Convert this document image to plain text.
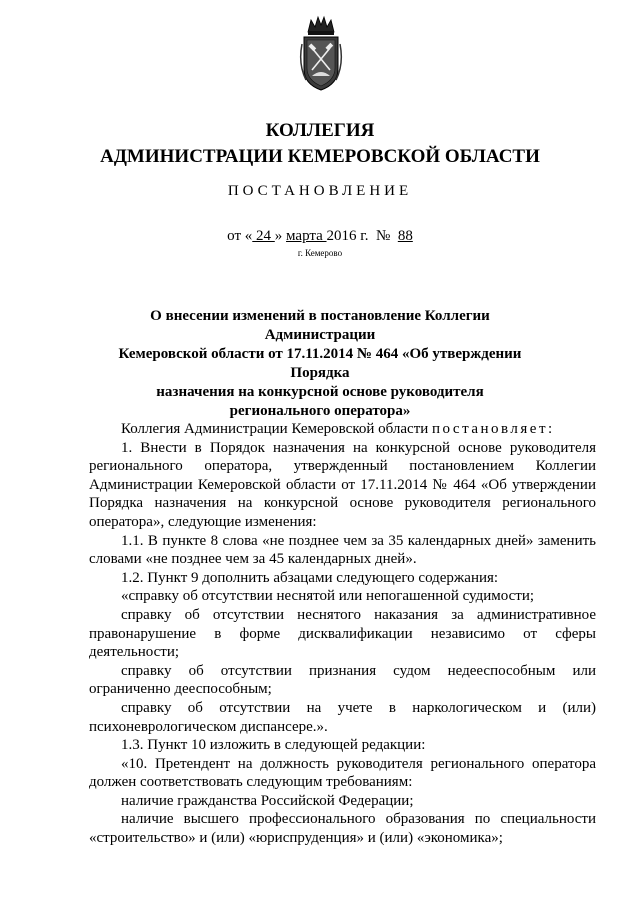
КОЛЛЕГИЯ
АДМИНИСТРАЦИИ КЕМЕРОВСКОЙ ОБЛАСТИ
ПОСТАНОВЛЕНИЕ
от « 24 » марта 2016 г. № 88
г. Кемерово
О внесении изменений в постановление Коллегии Администрации
Кемеровской области от 17.11.2014 № 464 «Об утверждении Порядка
назначения на конкурсной основе руководителя
регионального оператора»

Коллегия Администрации Кемеровской области постановляет:

1. Внести в Порядок назначения на конкурсной основе руководителя регионального оператора, утвержденный постановлением Коллегии Администрации Кемеровской области от 17.11.2014 № 464 «Об утверждении Порядка назначения на конкурсной основе руководителя регионального оператора», следующие изменения:

1.1. В пункте 8 слова «не позднее чем за 35 календарных дней» заменить словами «не позднее чем за 45 календарных дней».

1.2. Пункт 9 дополнить абзацами следующего содержания:

«справку об отсутствии неснятой или непогашенной судимости;

справку об отсутствии неснятого наказания за административное правонарушение в форме дисквалификации независимо от сферы деятельности;

справку об отсутствии признания судом недееспособным или ограниченно дееспособным;

справку об отсутствии на учете в наркологическом и (или) психоневрологическом диспансере.».

1.3. Пункт 10 изложить в следующей редакции:

«10. Претендент на должность руководителя регионального оператора должен соответствовать следующим требованиям:

наличие гражданства Российской Федерации;

наличие высшего профессионального образования по специальности «строительство» и (или) «юриспруденция» и (или) «экономика»;
